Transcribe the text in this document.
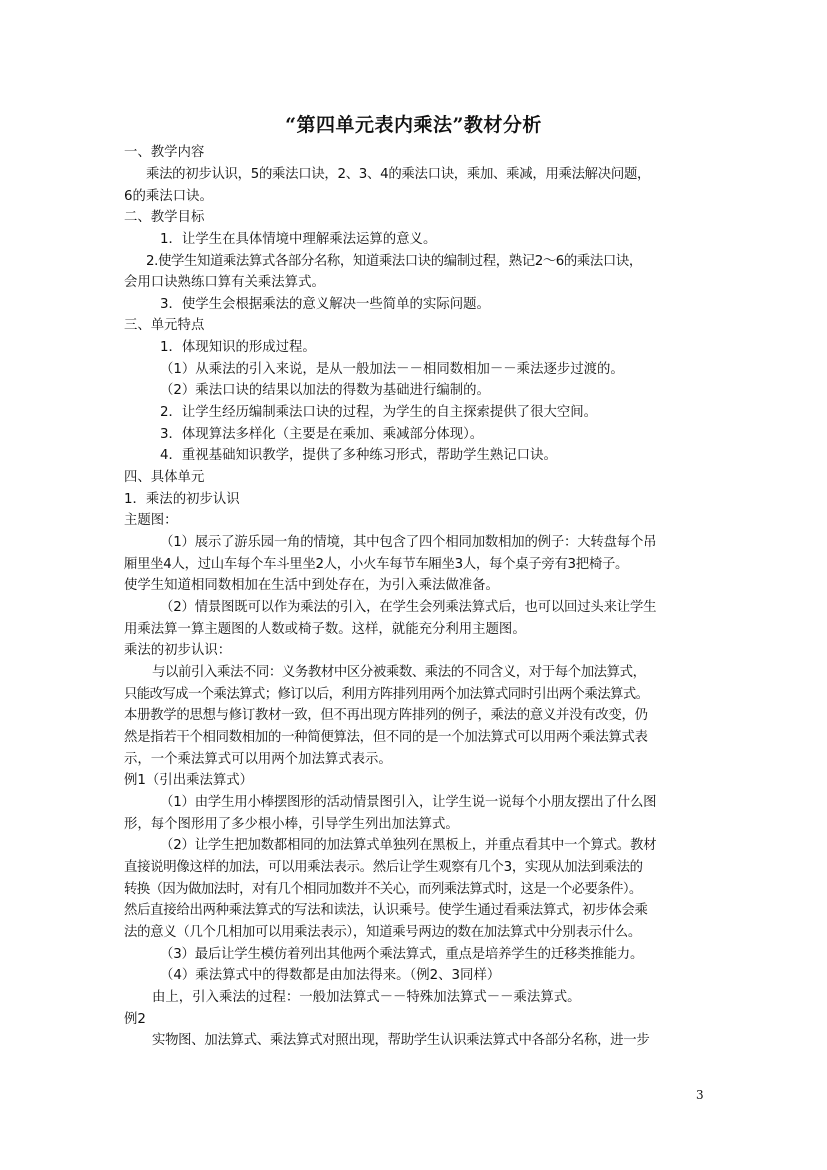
“第四单元表内乘法”教材分析
一、教学内容
乘法的初步认识，5的乘法口诀，2、3、4的乘法口诀，乘加、乘减，用乘法解决问题，
6的乘法口诀。
二、教学目标
1．让学生在具体情境中理解乘法运算的意义。
2.使学生知道乘法算式各部分名称，知道乘法口诀的编制过程，熟记2～6的乘法口诀，
会用口诀熟练口算有关乘法算式。
3．使学生会根据乘法的意义解决一些简单的实际问题。
三、单元特点
1．体现知识的形成过程。
（1）从乘法的引入来说，是从一般加法－－相同数相加－－乘法逐步过渡的。
（2）乘法口诀的结果以加法的得数为基础进行编制的。
2．让学生经历编制乘法口诀的过程，为学生的自主探索提供了很大空间。
3．体现算法多样化（主要是在乘加、乘减部分体现）。
4．重视基础知识教学，提供了多种练习形式，帮助学生熟记口诀。
四、具体单元
1．乘法的初步认识
主题图：
（1）展示了游乐园一角的情境，其中包含了四个相同加数相加的例子：大转盘每个吊
厢里坐4人，过山车每个车斗里坐2人，小火车每节车厢坐3人，每个桌子旁有3把椅子。
使学生知道相同数相加在生活中到处存在，为引入乘法做准备。
（2）情景图既可以作为乘法的引入，在学生会列乘法算式后，也可以回过头来让学生
用乘法算一算主题图的人数或椅子数。这样，就能充分利用主题图。
乘法的初步认识：
与以前引入乘法不同：义务教材中区分被乘数、乘法的不同含义，对于每个加法算式，
只能改写成一个乘法算式；修订以后，利用方阵排列用两个加法算式同时引出两个乘法算式。
本册教学的思想与修订教材一致，但不再出现方阵排列的例子，乘法的意义并没有改变，仍
然是指若干个相同数相加的一种简便算法，但不同的是一个加法算式可以用两个乘法算式表
示，一个乘法算式可以用两个加法算式表示。
例1（引出乘法算式）
（1）由学生用小棒摆图形的活动情景图引入，让学生说一说每个小朋友摆出了什么图
形，每个图形用了多少根小棒，引导学生列出加法算式。
（2）让学生把加数都相同的加法算式单独列在黑板上，并重点看其中一个算式。教材
直接说明像这样的加法，可以用乘法表示。然后让学生观察有几个3，实现从加法到乘法的
转换（因为做加法时，对有几个相同加数并不关心，而列乘法算式时，这是一个必要条件）。
然后直接给出两种乘法算式的写法和读法，认识乘号。使学生通过看乘法算式，初步体会乘
法的意义（几个几相加可以用乘法表示），知道乘号两边的数在加法算式中分别表示什么。
（3）最后让学生模仿着列出其他两个乘法算式，重点是培养学生的迁移类推能力。
（4）乘法算式中的得数都是由加法得来。（例2、3同样）
由上，引入乘法的过程：一般加法算式－－特殊加法算式－－乘法算式。
例2
实物图、加法算式、乘法算式对照出现，帮助学生认识乘法算式中各部分名称，进一步
3
